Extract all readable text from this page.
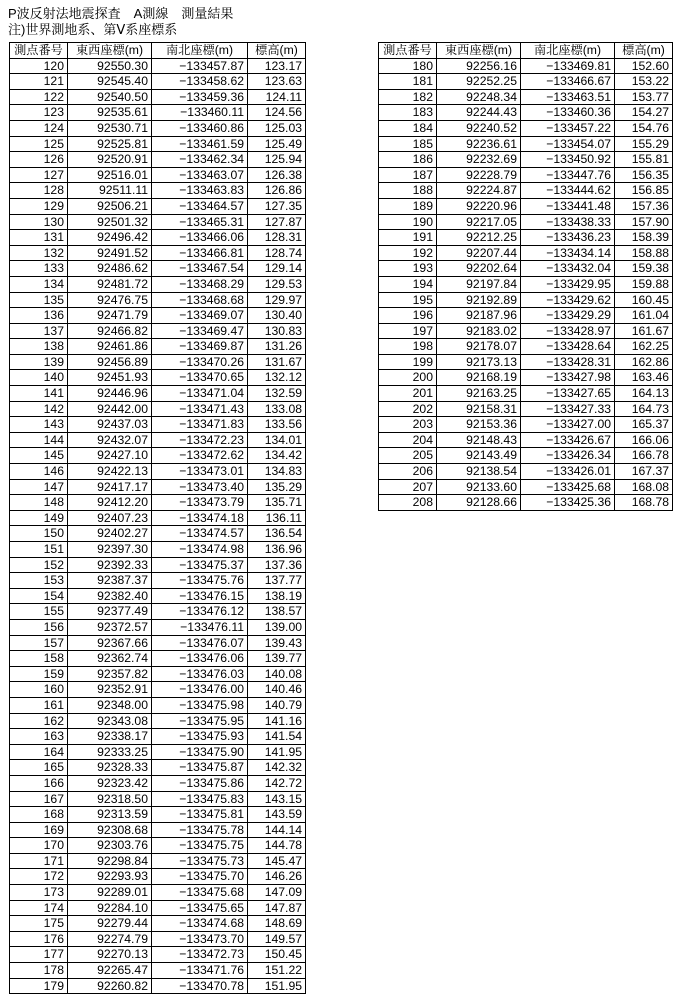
P波反射法地震探査　A測線　測量結果
注)世界測地系、第Ⅴ系座標系
測点番号	東西座標(m)	南北座標(m)	標高(m)
120	92550.30	−133457.87	123.17
121	92545.40	−133458.62	123.63
122	92540.50	−133459.36	124.11
123	92535.61	−133460.11	124.56
124	92530.71	−133460.86	125.03
125	92525.81	−133461.59	125.49
126	92520.91	−133462.34	125.94
127	92516.01	−133463.07	126.38
128	92511.11	−133463.83	126.86
129	92506.21	−133464.57	127.35
130	92501.32	−133465.31	127.87
131	92496.42	−133466.06	128.31
132	92491.52	−133466.81	128.74
133	92486.62	−133467.54	129.14
134	92481.72	−133468.29	129.53
135	92476.75	−133468.68	129.97
136	92471.79	−133469.07	130.40
137	92466.82	−133469.47	130.83
138	92461.86	−133469.87	131.26
139	92456.89	−133470.26	131.67
140	92451.93	−133470.65	132.12
141	92446.96	−133471.04	132.59
142	92442.00	−133471.43	133.08
143	92437.03	−133471.83	133.56
144	92432.07	−133472.23	134.01
145	92427.10	−133472.62	134.42
146	92422.13	−133473.01	134.83
147	92417.17	−133473.40	135.29
148	92412.20	−133473.79	135.71
149	92407.23	−133474.18	136.11
150	92402.27	−133474.57	136.54
151	92397.30	−133474.98	136.96
152	92392.33	−133475.37	137.36
153	92387.37	−133475.76	137.77
154	92382.40	−133476.15	138.19
155	92377.49	−133476.12	138.57
156	92372.57	−133476.11	139.00
157	92367.66	−133476.07	139.43
158	92362.74	−133476.06	139.77
159	92357.82	−133476.03	140.08
160	92352.91	−133476.00	140.46
161	92348.00	−133475.98	140.79
162	92343.08	−133475.95	141.16
163	92338.17	−133475.93	141.54
164	92333.25	−133475.90	141.95
165	92328.33	−133475.87	142.32
166	92323.42	−133475.86	142.72
167	92318.50	−133475.83	143.15
168	92313.59	−133475.81	143.59
169	92308.68	−133475.78	144.14
170	92303.76	−133475.75	144.78
171	92298.84	−133475.73	145.47
172	92293.93	−133475.70	146.26
173	92289.01	−133475.68	147.09
174	92284.10	−133475.65	147.87
175	92279.44	−133474.68	148.69
176	92274.79	−133473.70	149.57
177	92270.13	−133472.73	150.45
178	92265.47	−133471.76	151.22
179	92260.82	−133470.78	151.95
測点番号	東西座標(m)	南北座標(m)	標高(m)
180	92256.16	−133469.81	152.60
181	92252.25	−133466.67	153.22
182	92248.34	−133463.51	153.77
183	92244.43	−133460.36	154.27
184	92240.52	−133457.22	154.76
185	92236.61	−133454.07	155.29
186	92232.69	−133450.92	155.81
187	92228.79	−133447.76	156.35
188	92224.87	−133444.62	156.85
189	92220.96	−133441.48	157.36
190	92217.05	−133438.33	157.90
191	92212.25	−133436.23	158.39
192	92207.44	−133434.14	158.88
193	92202.64	−133432.04	159.38
194	92197.84	−133429.95	159.88
195	92192.89	−133429.62	160.45
196	92187.96	−133429.29	161.04
197	92183.02	−133428.97	161.67
198	92178.07	−133428.64	162.25
199	92173.13	−133428.31	162.86
200	92168.19	−133427.98	163.46
201	92163.25	−133427.65	164.13
202	92158.31	−133427.33	164.73
203	92153.36	−133427.00	165.37
204	92148.43	−133426.67	166.06
205	92143.49	−133426.34	166.78
206	92138.54	−133426.01	167.37
207	92133.60	−133425.68	168.08
208	92128.66	−133425.36	168.78
